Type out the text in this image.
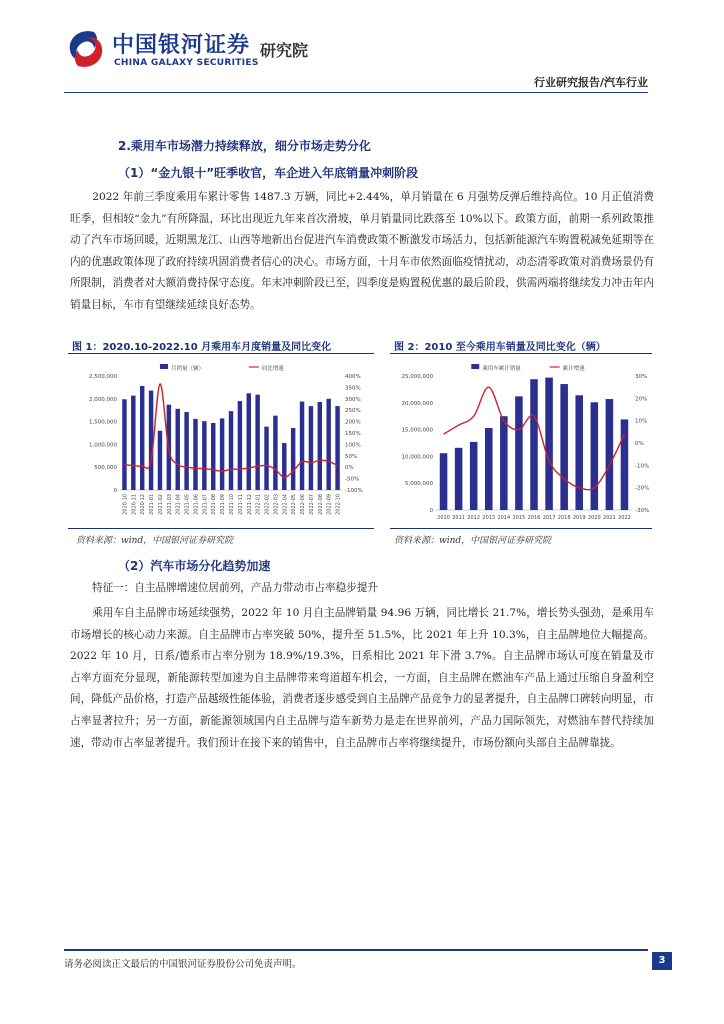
中国银河证券
CHINA GALAXY SECURITIES
研究院
行业研究报告/汽车行业
2.乘用车市场潜力持续释放，细分市场走势分化
（1）“金九银十”旺季收官，车企进入年底销量冲刺阶段

2022 年前三季度乘用车累计零售 1487.3 万辆，同比+2.44%，单月销量在 6 月强势反弹后维持高位。10 月正值消费旺季，但相较“金九”有所降温，环比出现近九年来首次滑坡，单月销量同比跌落至 10%以下。政策方面，前期一系列政策推动了汽车市场回暖，近期黑龙江、山西等地新出台促进汽车消费政策不断激发市场活力，包括新能源汽车购置税减免延期等在内的优惠政策体现了政府持续巩固消费者信心的决心。市场方面，十月车市依然面临疫情扰动，动态清零政策对消费场景仍有所限制，消费者对大额消费持保守态度。年末冲刺阶段已至，四季度是购置税优惠的最后阶段，供需两端将继续发力冲击年内销量目标，车市有望继续延续良好态势。

图 1：2020.10-2022.10 月乘用车月度销量及同比变化	图 2：2010 至今乘用车销量及同比变化（辆）
月销量（辆）	同比增速
0
500,000
1,000,000
1,500,000
2,000,000
2,500,000
-100%
-50%
0%
50%
100%
150%
200%
250%
300%
350%
400%
2020-10 2020-11 2020-12 2021-01 2021-02 2021-03 2021-04 2021-05 2021-06 2021-07 2021-08 2021-09 2021-10 2021-11 2021-12 2022-01 2022-02 2022-03 2022-04 2022-05 2022-06 2022-07 2022-08 2022-09 2022-10
乘用车累计销量	累计增速
0
5,000,000
10,000,000
15,000,000
20,000,000
25,000,000
-30%
-20%
-10%
0%
10%
20%
30%
2010 2011 2012 2013 2014 2015 2016 2017 2018 2019 2020 2021 2022
资料来源：wind，中国银河证券研究院	资料来源：wind，中国银河证券研究院
（2）汽车市场分化趋势加速
特征一：自主品牌增速位居前列，产品力带动市占率稳步提升

乘用车自主品牌市场延续强势，2022 年 10 月自主品牌销量 94.96 万辆，同比增长 21.7%，增长势头强劲，是乘用车市场增长的核心动力来源。自主品牌市占率突破 50%，提升至 51.5%，比 2021 年上升 10.3%，自主品牌地位大幅提高。2022 年 10 月，日系/德系市占率分别为 18.9%/19.3%，日系相比 2021 年下滑 3.7%。自主品牌市场认可度在销量及市占率方面充分显现，新能源转型加速为自主品牌带来弯道超车机会，一方面，自主品牌在燃油车产品上通过压缩自身盈利空间，降低产品价格，打造产品越级性能体验，消费者逐步感受到自主品牌产品竞争力的显著提升，自主品牌口碑转向明显，市占率显著拉升；另一方面，新能源领域国内自主品牌与造车新势力是走在世界前列，产品力国际领先，对燃油车替代持续加速，带动市占率显著提升。我们预计在接下来的销售中，自主品牌市占率将继续提升，市场份额向头部自主品牌靠拢。

请务必阅读正文最后的中国银河证券股份公司免责声明。	3
